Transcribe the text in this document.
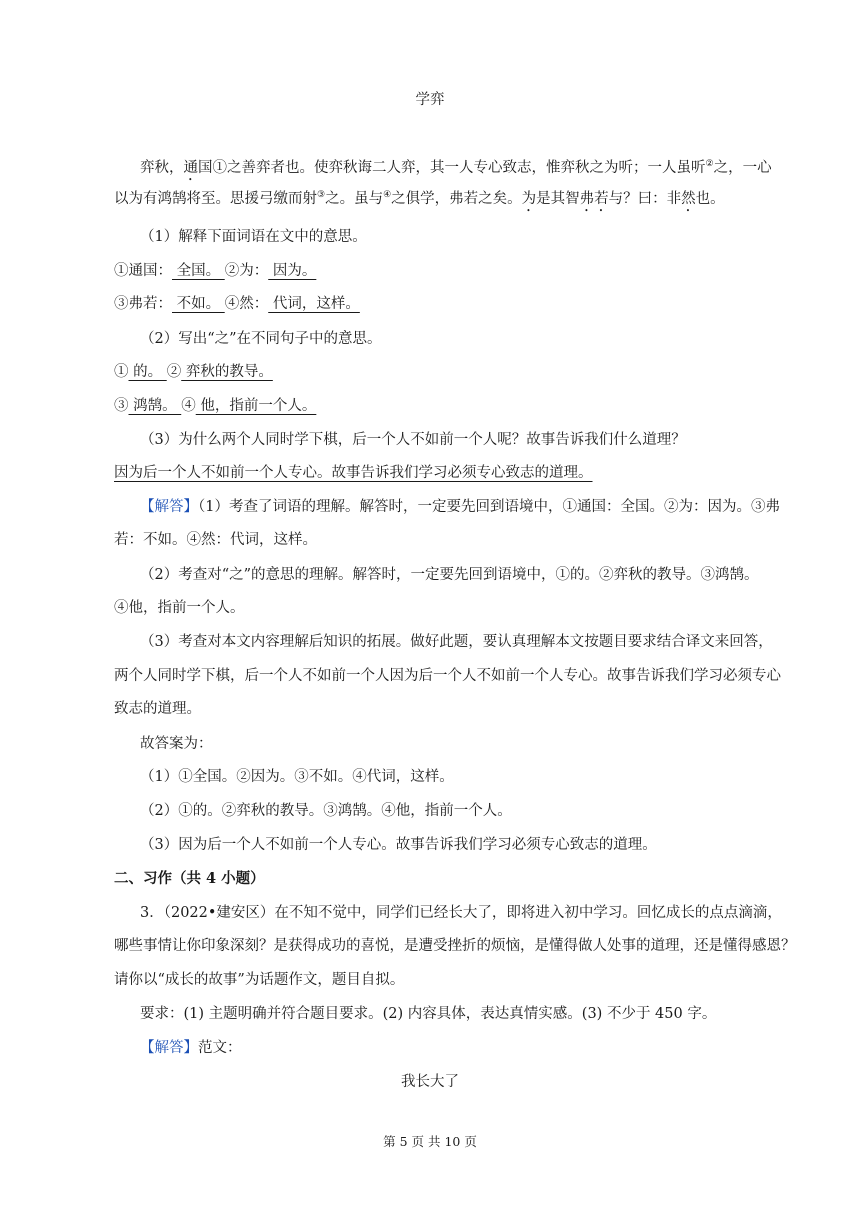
学弈
弈秋，通国①之善弈者也。使弈秋诲二人弈，其一人专心致志，惟弈秋之为听；一人虽听②之，一心
以为有鸿鹄将至。思援弓缴而射③之。虽与④之俱学，弗若之矣。为是其智弗若与？曰：非然也。
（1）解释下面词语在文中的意思。
①通国： 全国。 ②为： 因为。
③弗若： 不如。 ④然： 代词，这样。
（2）写出“之”在不同句子中的意思。
① 的。 ② 弈秋的教导。
③ 鸿鹄。 ④ 他，指前一个人。
（3）为什么两个人同时学下棋，后一个人不如前一个人呢？故事告诉我们什么道理？
因为后一个人不如前一个人专心。故事告诉我们学习必须专心致志的道理。
【解答】（1）考查了词语的理解。解答时，一定要先回到语境中，①通国：全国。②为：因为。③弗
若：不如。④然：代词，这样。
（2）考查对“之”的意思的理解。解答时，一定要先回到语境中，①的。②弈秋的教导。③鸿鹄。
④他，指前一个人。
（3）考查对本文内容理解后知识的拓展。做好此题，要认真理解本文按题目要求结合译文来回答，
两个人同时学下棋，后一个人不如前一个人因为后一个人不如前一个人专心。故事告诉我们学习必须专心
致志的道理。
故答案为：
（1）①全国。②因为。③不如。④代词，这样。
（2）①的。②弈秋的教导。③鸿鹄。④他，指前一个人。
（3）因为后一个人不如前一个人专心。故事告诉我们学习必须专心致志的道理。
二、习作（共 4 小题）
3．（2022•建安区）在不知不觉中，同学们已经长大了，即将进入初中学习。回忆成长的点点滴滴，
哪些事情让你印象深刻？是获得成功的喜悦，是遭受挫折的烦恼，是懂得做人处事的道理，还是懂得感恩？
请你以“成长的故事”为话题作文，题目自拟。
要求：(1) 主题明确并符合题目要求。(2) 内容具体，表达真情实感。(3) 不少于 450 字。
【解答】范文：
我长大了
第 5 页 共 10 页
